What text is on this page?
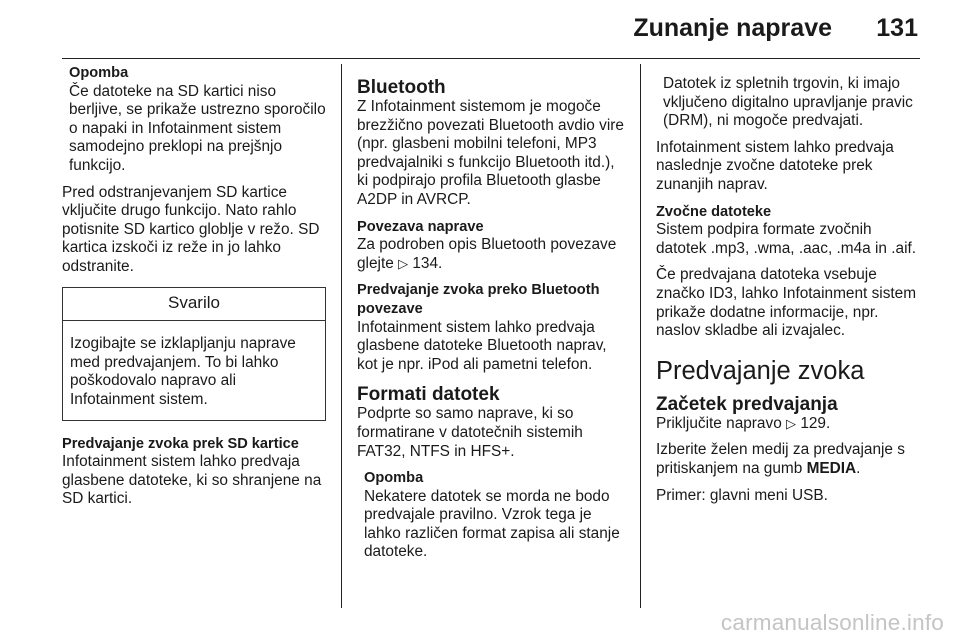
Zunanje naprave 131
Opomba
Če datoteke na SD kartici niso berljive, se prikaže ustrezno sporočilo o napaki in Infotainment sistem samodejno preklopi na prejšnjo funkcijo.

Pred odstranjevanjem SD kartice vključite drugo funkcijo. Nato rahlo potisnite SD kartico globlje v režo. SD kartica izskoči iz reže in jo lahko odstranite.

Svarilo
Izogibajte se izklapljanju naprave med predvajanjem. To bi lahko poškodovalo napravo ali Infotainment sistem.
Predvajanje zvoka prek SD kartice

Infotainment sistem lahko predvaja glasbene datoteke, ki so shranjene na SD kartici.

Bluetooth

Z Infotainment sistemom je mogoče brezžično povezati Bluetooth avdio vire (npr. glasbeni mobilni telefoni, MP3 predvajalniki s funkcijo Bluetooth itd.), ki podpirajo profila Bluetooth glasbe A2DP in AVRCP.

Povezava naprave

Za podroben opis Bluetooth povezave glejte ▷ 134.

Predvajanje zvoka preko Bluetooth povezave

Infotainment sistem lahko predvaja glasbene datoteke Bluetooth naprav, kot je npr. iPod ali pametni telefon.

Formati datotek

Podprte so samo naprave, ki so formatirane v datotečnih sistemih FAT32, NTFS in HFS+.

Opomba
Nekatere datotek se morda ne bodo predvajale pravilno. Vzrok tega je lahko različen format zapisa ali stanje datoteke.
Datotek iz spletnih trgovin, ki imajo vključeno digitalno upravljanje pravic (DRM), ni mogoče predvajati.

Infotainment sistem lahko predvaja naslednje zvočne datoteke prek zunanjih naprav.

Zvočne datoteke

Sistem podpira formate zvočnih datotek .mp3, .wma, .aac, .m4a in .aif.

Če predvajana datoteka vsebuje značko ID3, lahko Infotainment sistem prikaže dodatne informacije, npr. naslov skladbe ali izvajalec.

Predvajanje zvoka
Začetek predvajanja

Priključite napravo ▷ 129.

Izberite želen medij za predvajanje s pritiskanjem na gumb MEDIA.

Primer: glavni meni USB.

carmanualsonline.info
